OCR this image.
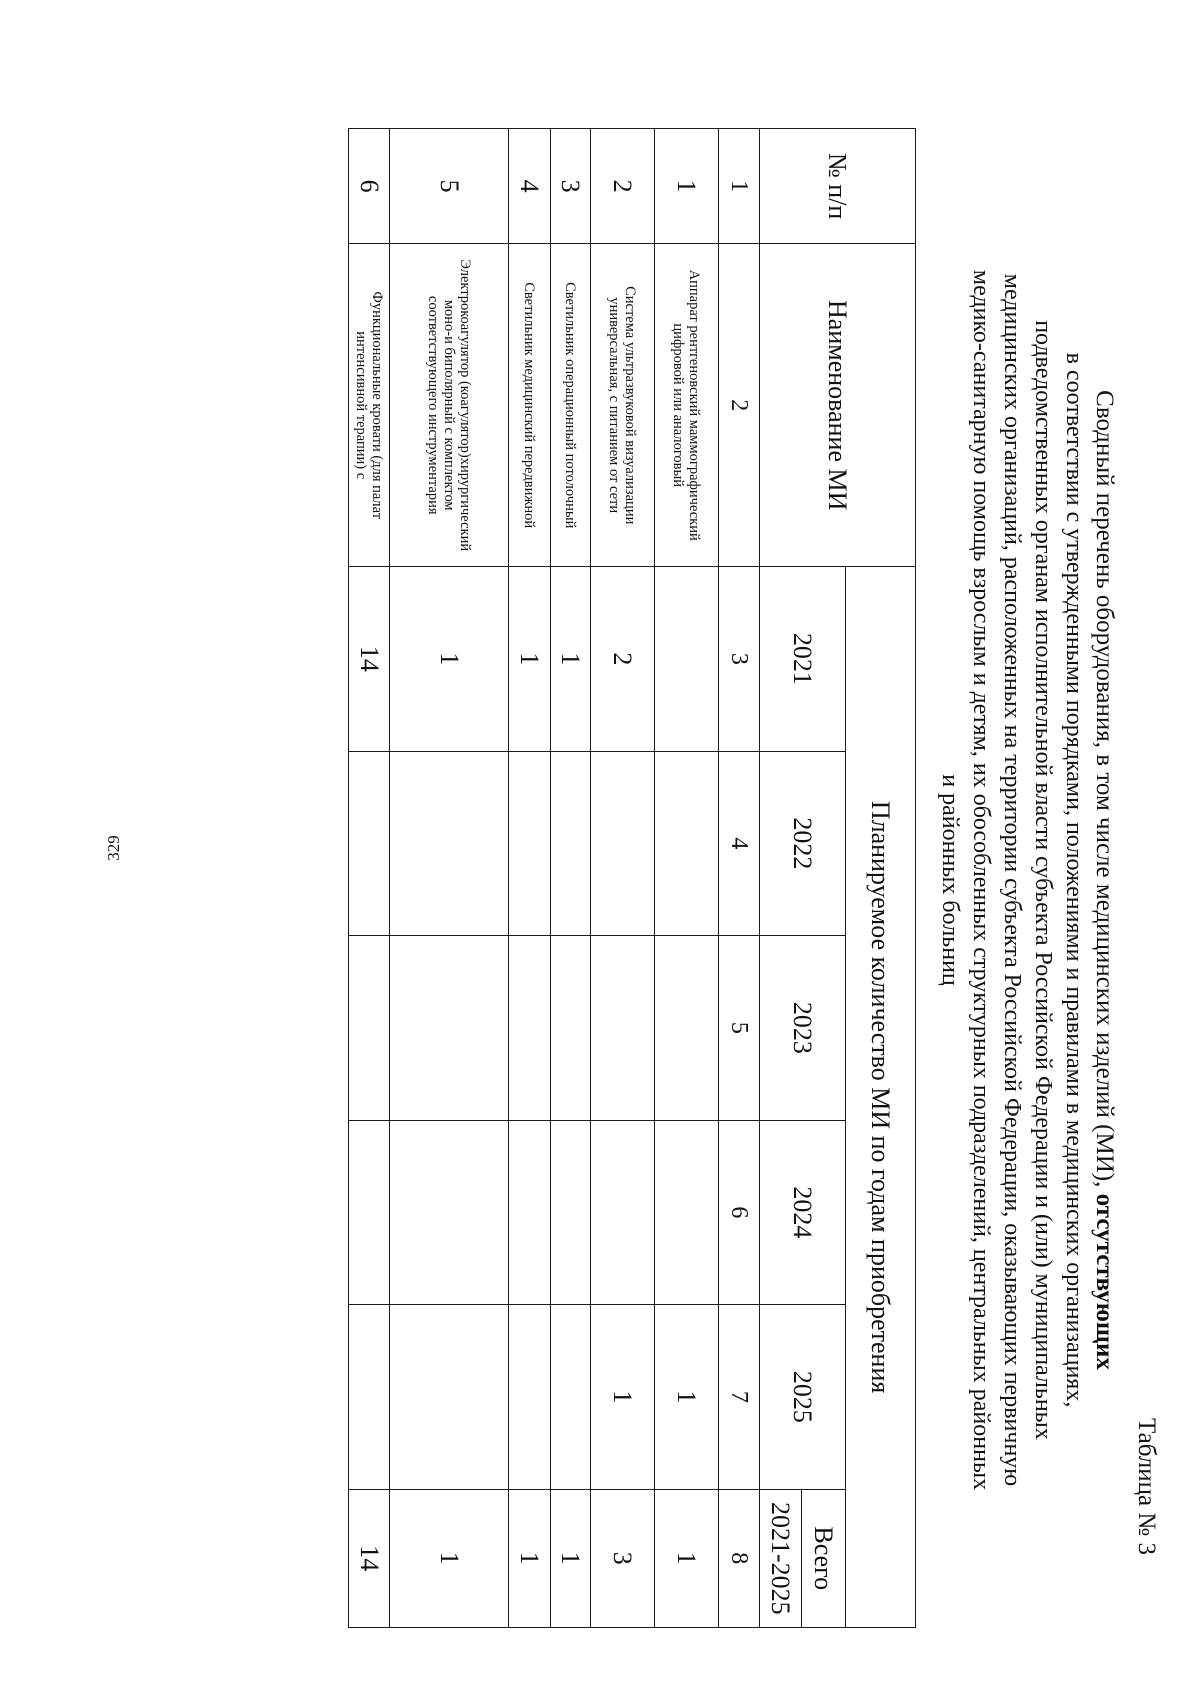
329
Таблица № 3
Сводный перечень оборудования, в том числе медицинских изделий (МИ), отсутствующих
в соответствии с утвержденными порядками, положениями и правилами в медицинских организациях,
подведомственных органам исполнительной власти субъекта Российской Федерации и (или) муниципальных
медицинских организаций, расположенных на территории субъекта Российской Федерации, оказывающих первичную
медико-санитарную помощь взрослым и детям, их обособленных структурных подразделений, центральных районных
и районных больниц
№ п/п	Наименование МИ	Планируемое количество МИ по годам приобретения					
		2021	2022	2023	2024	2025	Всего
							2021-2025
1	2	3	4	5	6	7	8
1	Аппарат рентгеновский маммографический цифровой или аналоговый					1	1
2	Система ультразвуковой визуализации универсальная, с питанием от сети	2				1	3
3	Светильник операционный потолочный	1					1
4	Светильник медицинский передвижной	1					1
5	Электрокоагулятор (коагулятор)хирургический моно-и биполярный с комплектом соответствующего инструментария	1					1
6	Функциональные кровати (для палат интенсивной терапии) с	14					14
